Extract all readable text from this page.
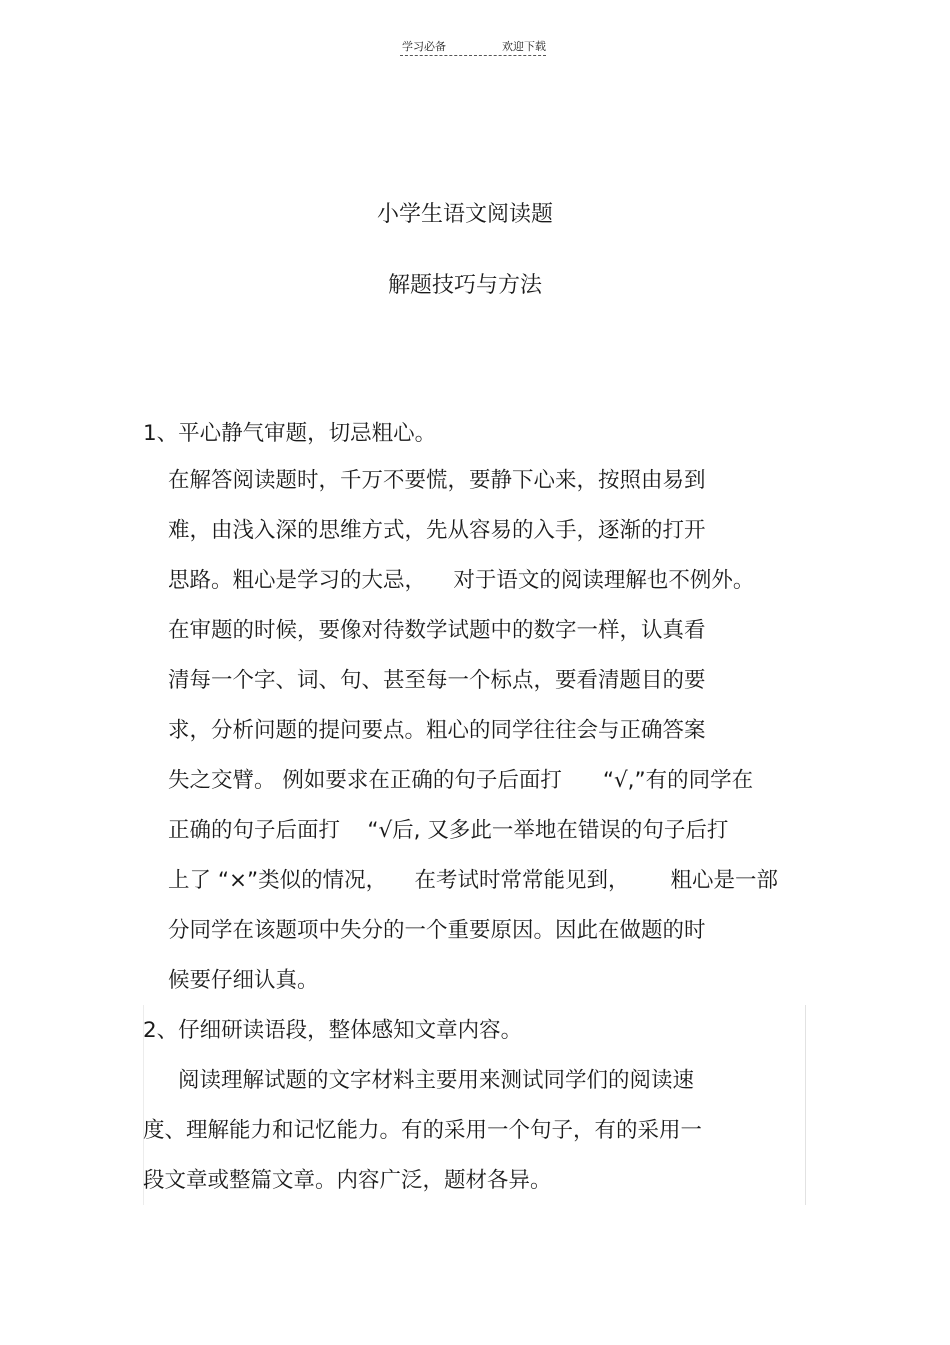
学习必备	欢迎下载
小学生语文阅读题
解题技巧与方法
1、平心静气审题，切忌粗心。
在解答阅读题时，千万不要慌，要静下心来，按照由易到
难，由浅入深的思维方式，先从容易的入手，逐渐的打开
思路。粗心是学习的大忌，    对于语文的阅读理解也不例外。
在审题的时候，要像对待数学试题中的数字一样，认真看
清每一个字、词、句、甚至每一个标点，要看清题目的要
求，分析问题的提问要点。粗心的同学往往会与正确答案
失之交臂。 例如要求在正确的句子后面打      “√,”有的同学在
正确的句子后面打    “√后, 又多此一举地在错误的句子后打
上了 “×”类似的情况，    在考试时常常能见到，      粗心是一部
分同学在该题项中失分的一个重要原因。因此在做题的时
候要仔细认真。
2、仔细研读语段，整体感知文章内容。
阅读理解试题的文字材料主要用来测试同学们的阅读速
度、理解能力和记忆能力。有的采用一个句子，有的采用一
段文章或整篇文章。内容广泛，题材各异。
